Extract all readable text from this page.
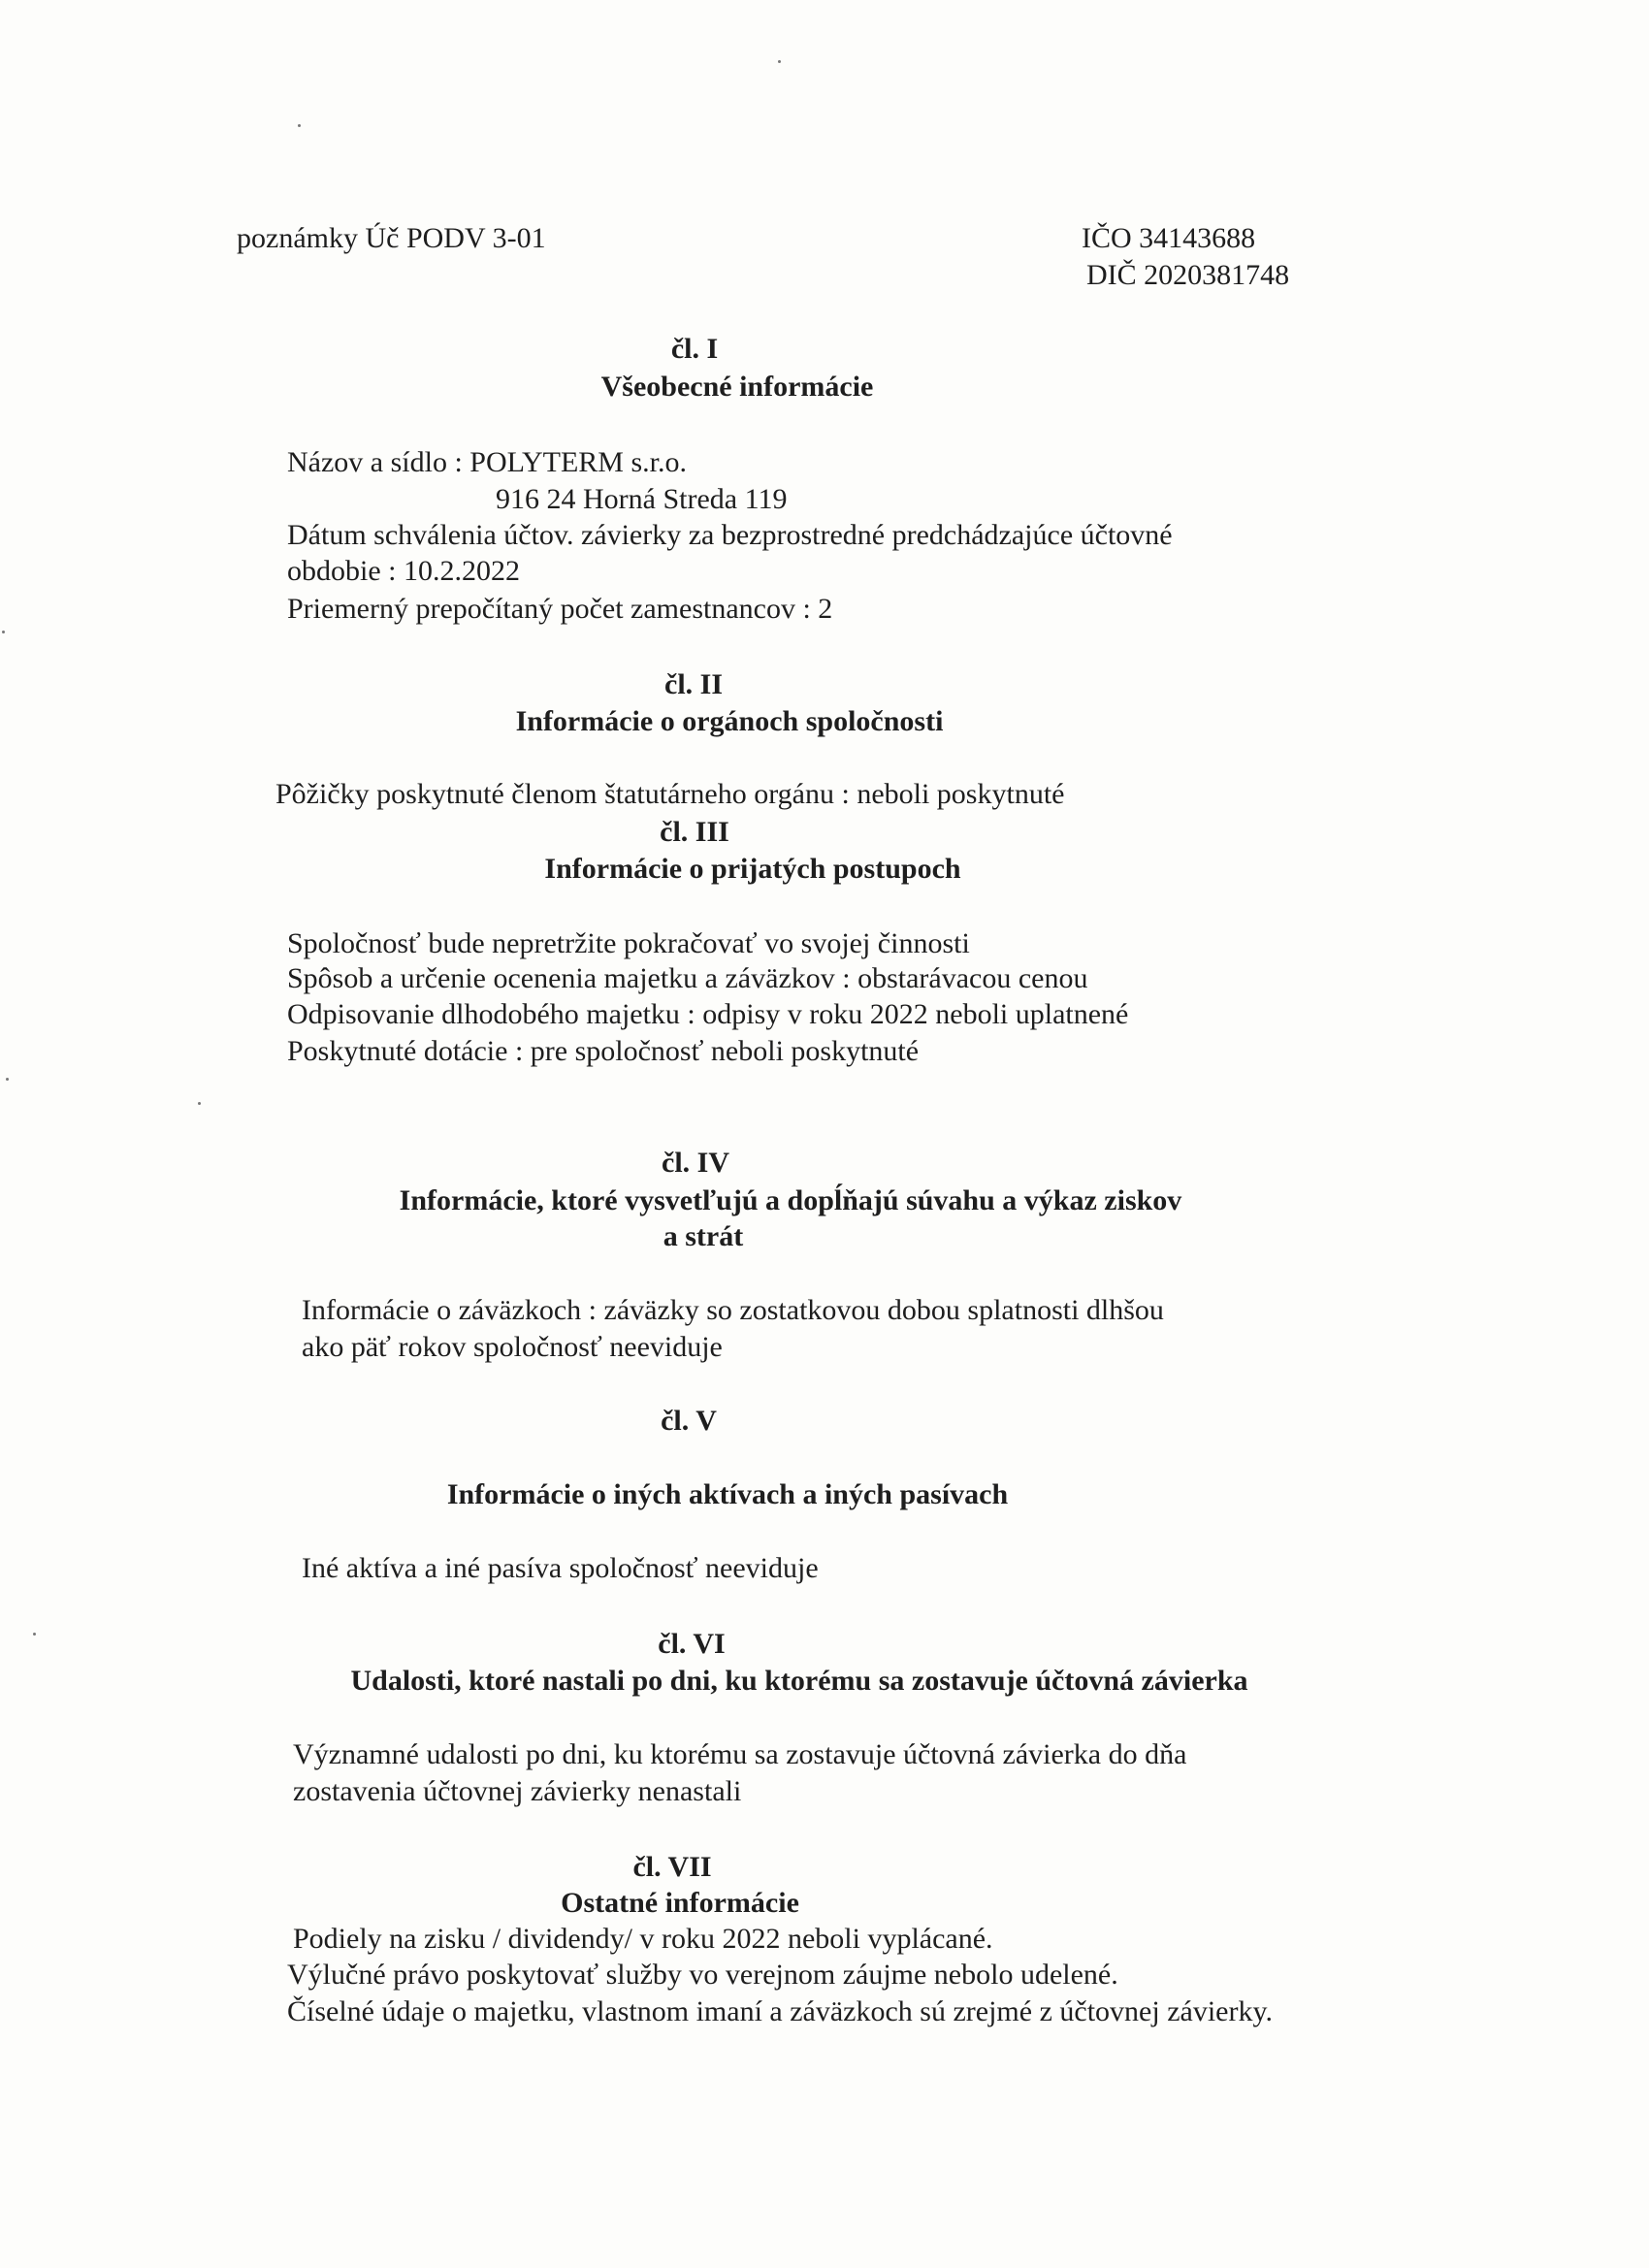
poznámky Úč PODV 3-01	IČO 34143688
DIČ 2020381748
čl. I
Všeobecné informácie
Názov a sídlo : POLYTERM s.r.o.
916 24 Horná Streda 119
Dátum schválenia účtov. závierky za bezprostredné predchádzajúce účtovné
obdobie : 10.2.2022
Priemerný prepočítaný počet zamestnancov : 2
čl. II
Informácie o orgánoch spoločnosti
Pôžičky poskytnuté členom štatutárneho orgánu : neboli poskytnuté
čl. III
Informácie o prijatých postupoch
Spoločnosť bude nepretržite pokračovať vo svojej činnosti
Spôsob a určenie ocenenia majetku a záväzkov : obstarávacou cenou
Odpisovanie dlhodobého majetku : odpisy v roku 2022 neboli uplatnené
Poskytnuté dotácie : pre spoločnosť neboli poskytnuté
čl. IV
Informácie, ktoré vysvetľujú a dopĺňajú súvahu a výkaz ziskov
a strát
Informácie o záväzkoch : záväzky so zostatkovou dobou splatnosti dlhšou
ako päť rokov spoločnosť neeviduje
čl. V
Informácie o iných aktívach a iných pasívach
Iné aktíva a iné pasíva spoločnosť neeviduje
čl. VI
Udalosti, ktoré nastali po dni, ku ktorému sa zostavuje účtovná závierka
Významné udalosti po dni, ku ktorému sa zostavuje účtovná závierka do dňa
zostavenia účtovnej závierky nenastali
čl. VII
Ostatné informácie
Podiely na zisku / dividendy/ v roku 2022 neboli vyplácané.
Výlučné právo poskytovať služby vo verejnom záujme nebolo udelené.
Číselné údaje o majetku, vlastnom imaní a záväzkoch sú zrejmé z účtovnej závierky.
